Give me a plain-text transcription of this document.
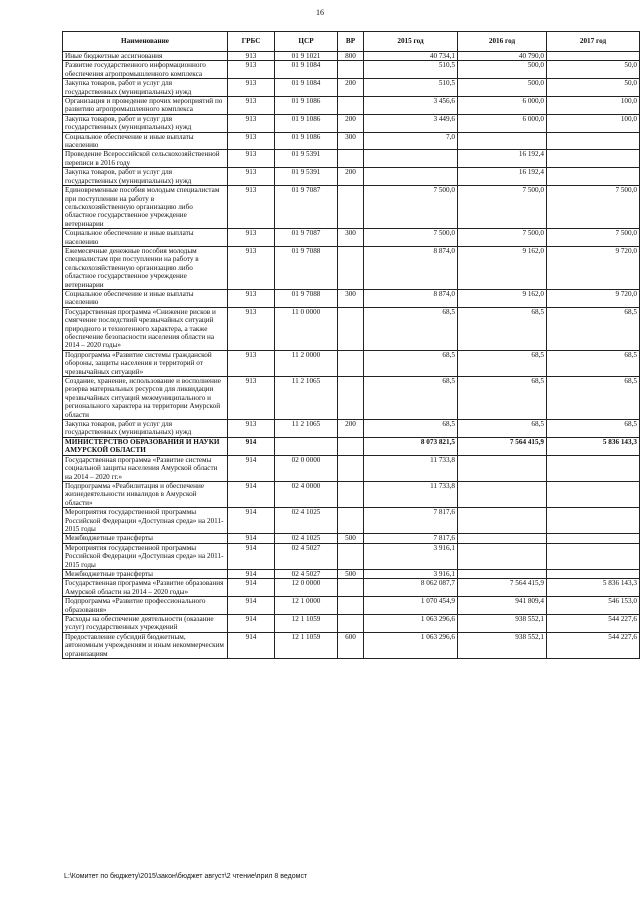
16
Наименование	ГРБС	ЦСР	ВР	2015 год	2016 год	2017 год
Иные бюджетные ассигнования	913	01 9 1021	800	40 734,1	40 790,0	
Развитие государственного информационного обеспечения агропромышленного комплекса	913	01 9 1084		510,5	500,0	50,0
Закупка товаров, работ и услуг для государственных (муниципальных) нужд	913	01 9 1084	200	510,5	500,0	50,0
Организация и проведение прочих мероприятий по развитию агропромышленного комплекса	913	01 9 1086		3 456,6	6 000,0	100,0
Закупка товаров, работ и услуг для государственных (муниципальных) нужд	913	01 9 1086	200	3 449,6	6 000,0	100,0
Социальное обеспечение и иные выплаты населению	913	01 9 1086	300	7,0		
Проведение Всероссийской сельскохозяйственной переписи в 2016 году	913	01 9 5391			16 192,4	
Закупка товаров, работ и услуг для государственных (муниципальных) нужд	913	01 9 5391	200		16 192,4	
Единовременные пособия молодым специалистам при поступлении на работу в сельскохозяйственную организацию либо областное государственное учреждение ветеринарии	913	01 9 7087		7 500,0	7 500,0	7 500,0
Социальное обеспечение и иные выплаты населению	913	01 9 7087	300	7 500,0	7 500,0	7 500,0
Ежемесячные денежные пособия молодым специалистам при поступлении на работу в сельскохозяйственную организацию либо областное государственное учреждение ветеринарии	913	01 9 7088		8 874,0	9 162,0	9 720,0
Социальное обеспечение и иные выплаты населению	913	01 9 7088	300	8 874,0	9 162,0	9 720,0
Государственная программа «Снижение рисков и смягчение последствий чрезвычайных ситуаций природного и техногенного характера, а также обеспечение безопасности населения области на 2014 – 2020 годы»	913	11 0 0000		68,5	68,5	68,5
Подпрограмма «Развитие системы гражданской обороны, защиты населения и территорий от чрезвычайных ситуаций»	913	11 2 0000		68,5	68,5	68,5
Создание, хранение, использование и восполнение резерва материальных ресурсов для ликвидации чрезвычайных ситуаций межмуниципального и регионального характера на территории Амурской области	913	11 2 1065		68,5	68,5	68,5
Закупка товаров, работ и услуг для государственных (муниципальных) нужд	913	11 2 1065	200	68,5	68,5	68,5
МИНИСТЕРСТВО ОБРАЗОВАНИЯ И НАУКИ АМУРСКОЙ ОБЛАСТИ	914			8 073 821,5	7 564 415,9	5 836 143,3
Государственная программа «Развитие системы социальной защиты населения Амурской области на 2014 – 2020 гг.»	914	02 0 0000		11 733,8		
Подпрограмма «Реабилитация и обеспечение жизнедеятельности инвалидов в Амурской области»	914	02 4 0000		11 733,8		
Мероприятия государственной программы Российской Федерации «Доступная среда» на 2011-2015 годы	914	02 4 1025		7 817,6		
Межбюджетные трансферты	914	02 4 1025	500	7 817,6		
Мероприятия государственной программы Российской Федерации «Доступная среда» на 2011-2015 годы	914	02 4 5027		3 916,1		
Межбюджетные трансферты	914	02 4 5027	500	3 916,1		
Государственная программа «Развитие образования Амурской области на 2014 – 2020 годы»	914	12 0 0000		8 062 087,7	7 564 415,9	5 836 143,3
Подпрограмма «Развитие профессионального образования»	914	12 1 0000		1 070 454,9	941 809,4	546 153,0
Расходы на обеспечение деятельности (оказание услуг) государственных учреждений	914	12 1 1059		1 063 296,6	938 552,1	544 227,6
Предоставление субсидий бюджетным, автономным учреждениям и иным некоммерческим организациям	914	12 1 1059	600	1 063 296,6	938 552,1	544 227,6
L:\Комитет по бюджету\2015\закон\бюджет август\2 чтение\прил 8 ведомст
